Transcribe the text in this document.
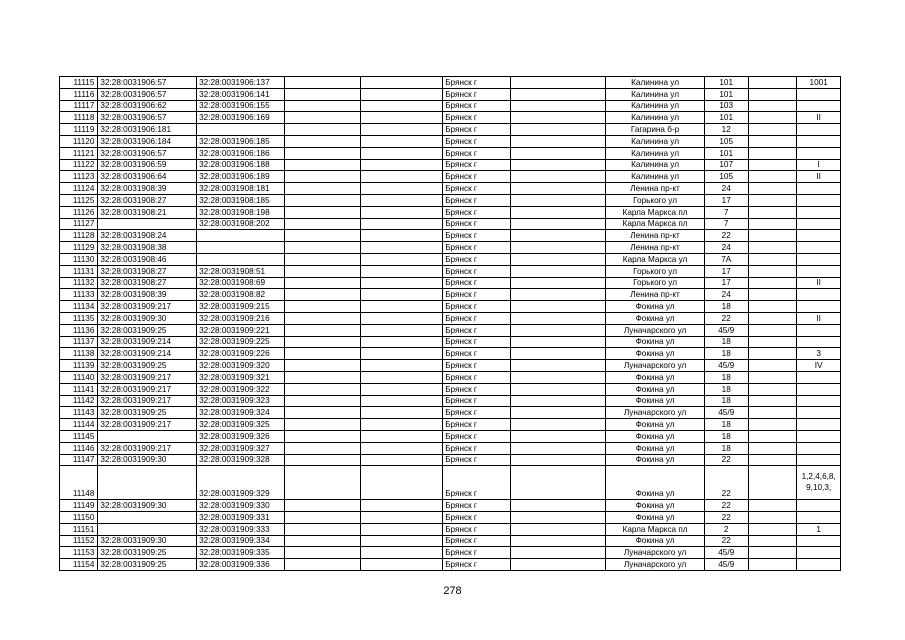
11115	32:28:0031906:57	32:28:0031906:137			Брянск г		Калинина ул	101		1001
11116	32:28:0031906:57	32:28:0031906:141			Брянск г		Калинина ул	101		
11117	32:28:0031906:62	32:28:0031906:155			Брянск г		Калинина ул	103		
11118	32:28:0031906:57	32:28:0031906:169			Брянск г		Калинина ул	101		II
11119	32:28:0031906:181				Брянск г		Гагарина б-р	12		
11120	32:28:0031906:184	32:28:0031906:185			Брянск г		Калинина ул	105		
11121	32:28:0031906:57	32:28:0031906:186			Брянск г		Калинина ул	101		
11122	32:28:0031906:59	32:28:0031906:188			Брянск г		Калинина ул	107		I
11123	32:28:0031906:64	32:28:0031906:189			Брянск г		Калинина ул	105		II
11124	32:28:0031908:39	32:28:0031908:181			Брянск г		Ленина пр-кт	24		
11125	32:28:0031908:27	32:28:0031908:185			Брянск г		Горького ул	17		
11126	32:28:0031908:21	32:28:0031908:198			Брянск г		Карла Маркса пл	7		
11127		32:28:0031908:202			Брянск г		Карла Маркса пл	7		
11128	32:28:0031908:24				Брянск г		Ленина пр-кт	22		
11129	32:28:0031908:38				Брянск г		Ленина пр-кт	24		
11130	32:28:0031908:46				Брянск г		Карла Маркса ул	7А		
11131	32:28:0031908:27	32:28:0031908:51			Брянск г		Горького ул	17		
11132	32:28:0031908:27	32:28:0031908:69			Брянск г		Горького ул	17		II
11133	32:28:0031908:39	32:28:0031908:82			Брянск г		Ленина пр-кт	24		
11134	32:28:0031909:217	32:28:0031909:215			Брянск г		Фокина ул	18		
11135	32:28:0031909:30	32:28:0031909:216			Брянск г		Фокина ул	22		II
11136	32:28:0031909:25	32:28:0031909:221			Брянск г		Луначарского ул	45/9		
11137	32:28:0031909:214	32:28:0031909:225			Брянск г		Фокина ул	18		
11138	32:28:0031909:214	32:28:0031909:226			Брянск г		Фокина ул	18		3
11139	32:28:0031909:25	32:28:0031909:320			Брянск г		Луначарского ул	45/9		IV
11140	32:28:0031909:217	32:28:0031909:321			Брянск г		Фокина ул	18		
11141	32:28:0031909:217	32:28:0031909:322			Брянск г		Фокина ул	18		
11142	32:28:0031909:217	32:28:0031909:323			Брянск г		Фокина ул	18		
11143	32:28:0031909:25	32:28:0031909:324			Брянск г		Луначарского ул	45/9		
11144	32:28:0031909:217	32:28:0031909:325			Брянск г		Фокина ул	18		
11145		32:28:0031909:326			Брянск г		Фокина ул	18		
11146	32:28:0031909:217	32:28:0031909:327			Брянск г		Фокина ул	18		
11147	32:28:0031909:30	32:28:0031909:328			Брянск г		Фокина ул	22		
11148		32:28:0031909:329			Брянск г		Фокина ул	22		1,2,4,6,8, 9,10,3,
11149	32:28:0031909:30	32:28:0031909:330			Брянск г		Фокина ул	22		
11150		32:28:0031909:331			Брянск г		Фокина ул	22		
11151		32:28:0031909:333			Брянск г		Карла Маркса пл	2		1
11152	32:28:0031909:30	32:28:0031909:334			Брянск г		Фокина ул	22		
11153	32:28:0031909:25	32:28:0031909:335			Брянск г		Луначарского ул	45/9		
11154	32:28:0031909:25	32:28:0031909:336			Брянск г		Луначарского ул	45/9		
278
